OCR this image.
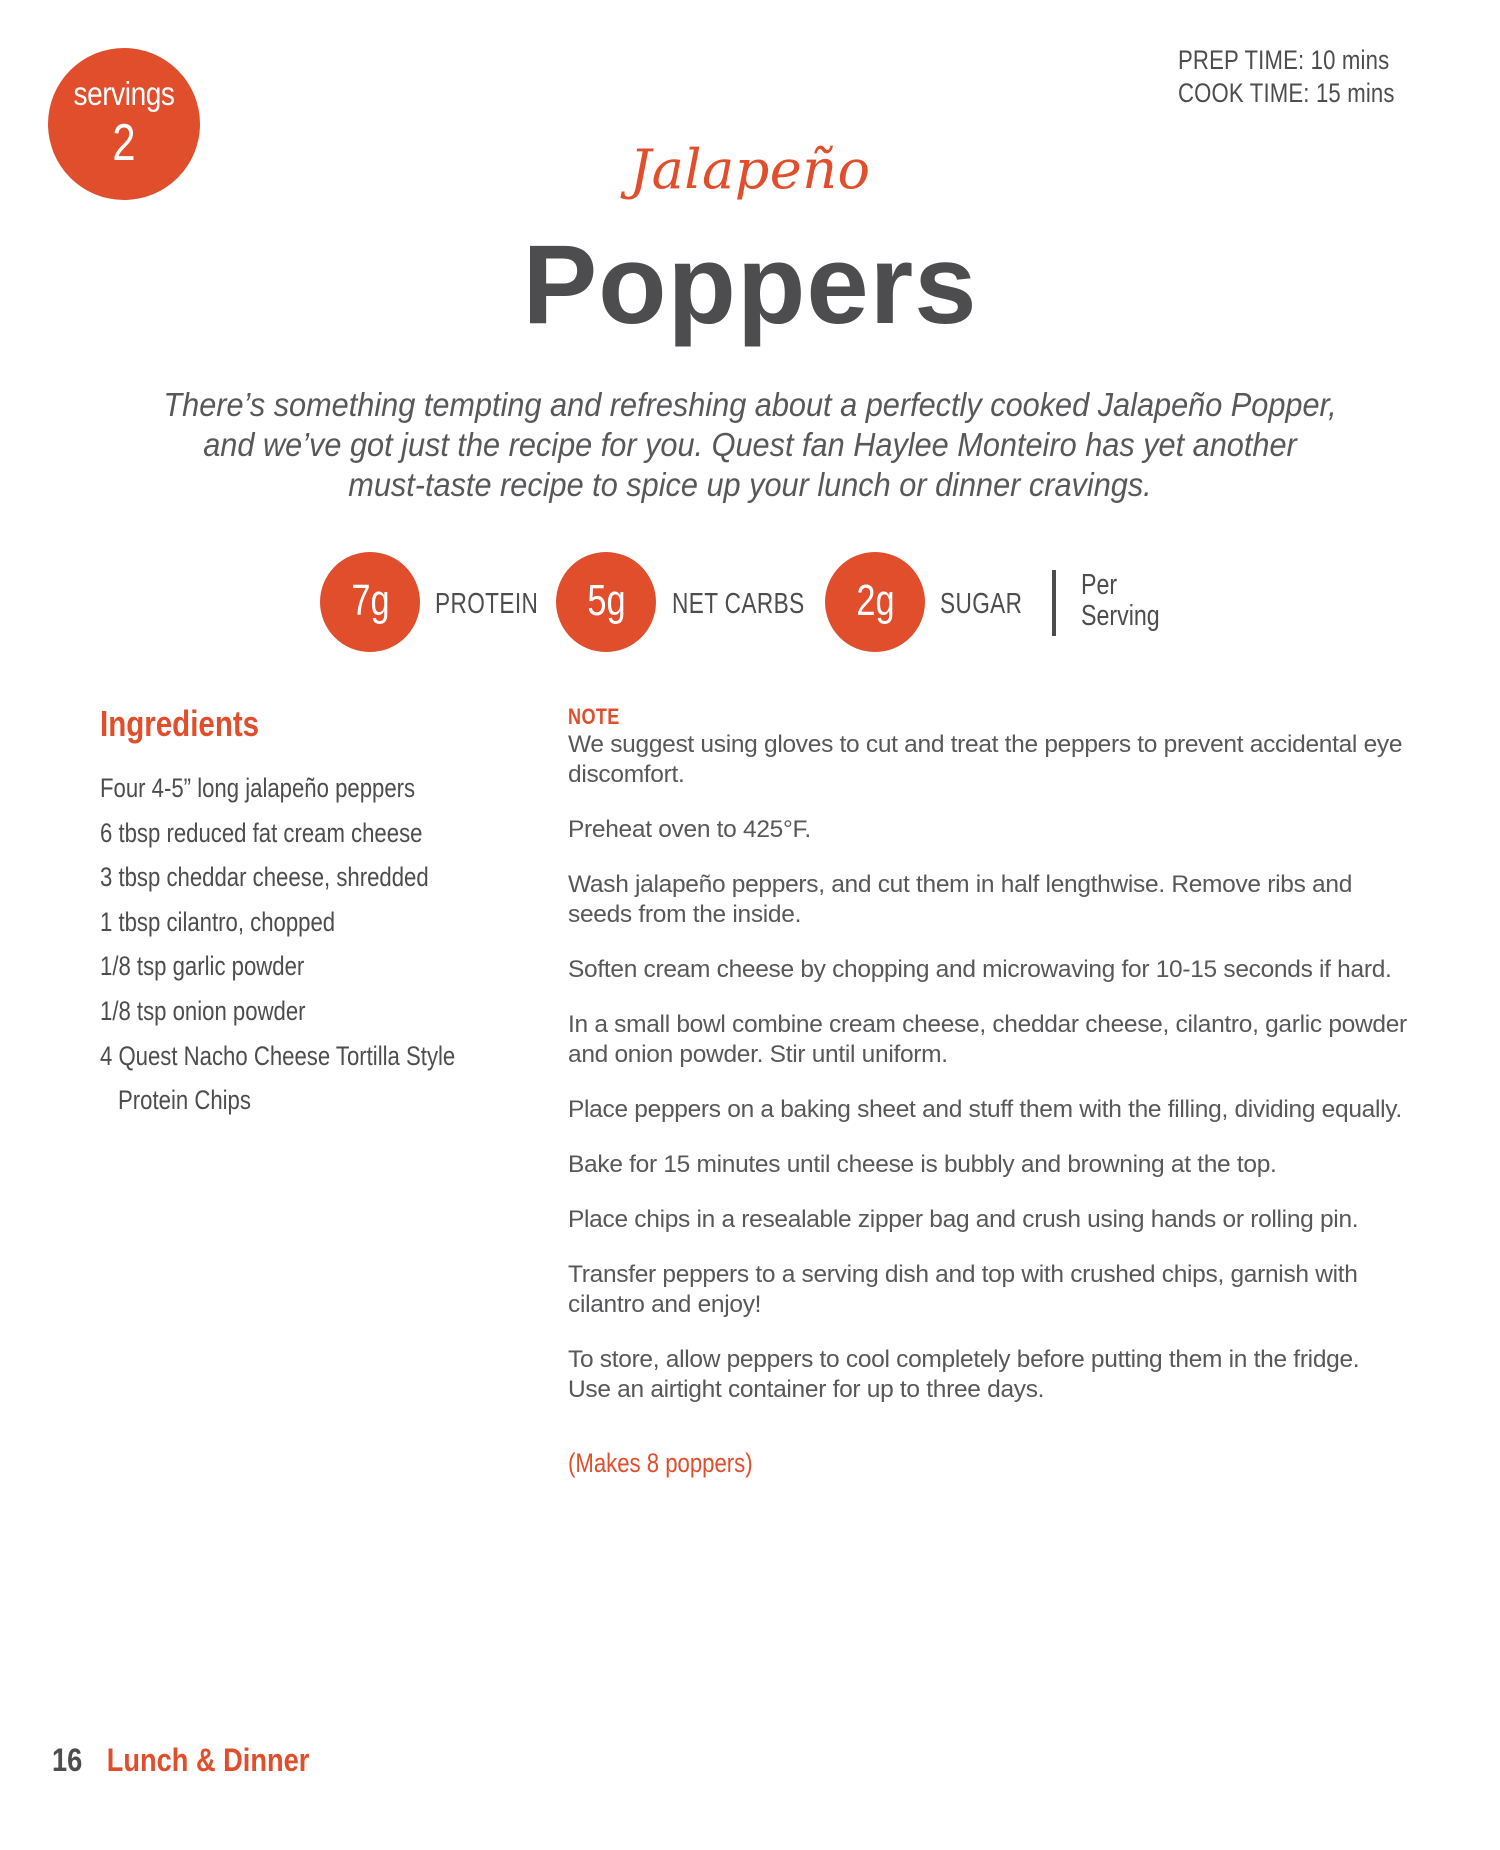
servings
2
PREP TIME: 10 mins
COOK TIME: 15 mins
Jalapeño
Poppers
There’s something tempting and refreshing about a perfectly cooked Jalapeño Popper,
and we’ve got just the recipe for you. Quest fan Haylee Monteiro has yet another
must-taste recipe to spice up your lunch or dinner cravings.
7g	PROTEIN	5g	NET CARBS	2g	SUGAR
Per
Serving
Ingredients
Four 4-5” long jalapeño peppers
6 tbsp reduced fat cream cheese
3 tbsp cheddar cheese, shredded
1 tbsp cilantro, chopped
1/8 tsp garlic powder
1/8 tsp onion powder
4 Quest Nacho Cheese Tortilla Style
Protein Chips
NOTE

We suggest using gloves to cut and treat the peppers to prevent accidental eye discomfort.

Preheat oven to 425°F.

Wash jalapeño peppers, and cut them in half lengthwise. Remove ribs and seeds from the inside.

Soften cream cheese by chopping and microwaving for 10-15 seconds if hard.

In a small bowl combine cream cheese, cheddar cheese, cilantro, garlic powder and onion powder. Stir until uniform.

Place peppers on a baking sheet and stuff them with the filling, dividing equally.

Bake for 15 minutes until cheese is bubbly and browning at the top.

Place chips in a resealable zipper bag and crush using hands or rolling pin.

Transfer peppers to a serving dish and top with crushed chips, garnish with cilantro and enjoy!

To store, allow peppers to cool completely before putting them in the fridge. Use an airtight container for up to three days.

(Makes 8 poppers)
16 Lunch & Dinner
